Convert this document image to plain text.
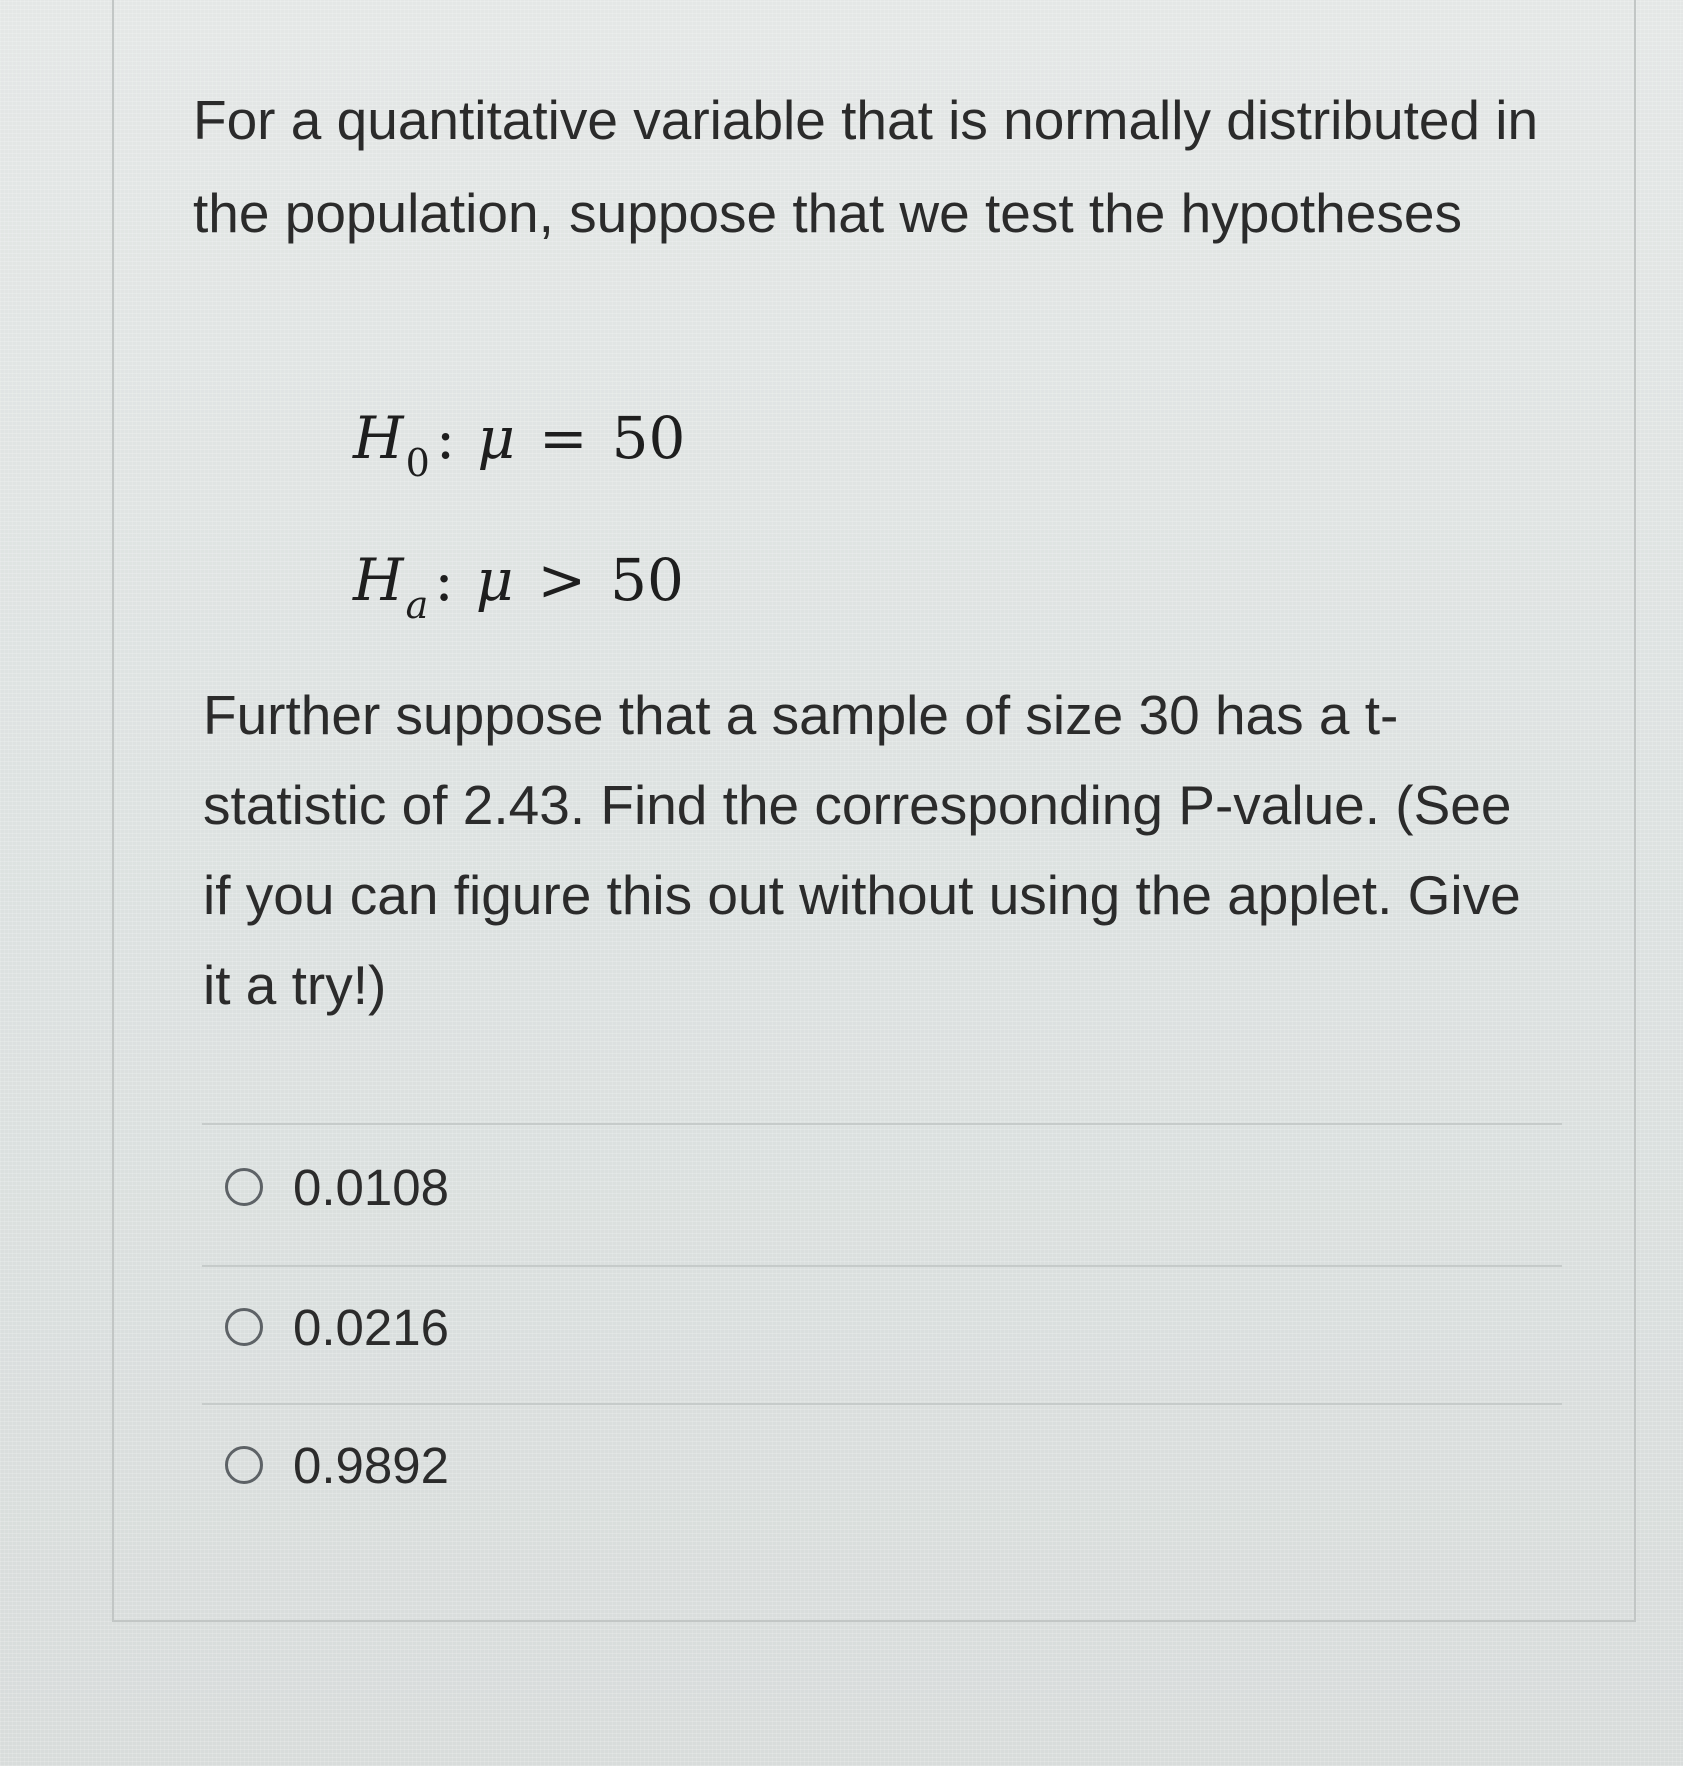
For a quantitative variable that is normally distributed in the population, suppose that we test the hypotheses

$H_0$ : μ = 50
$H_a$ : μ > 50

Further suppose that a sample of size 30 has a t-statistic of 2.43. Find the corresponding P-value. (See if you can figure this out without using the applet. Give it a try!)

0.0108
0.0216
0.9892
